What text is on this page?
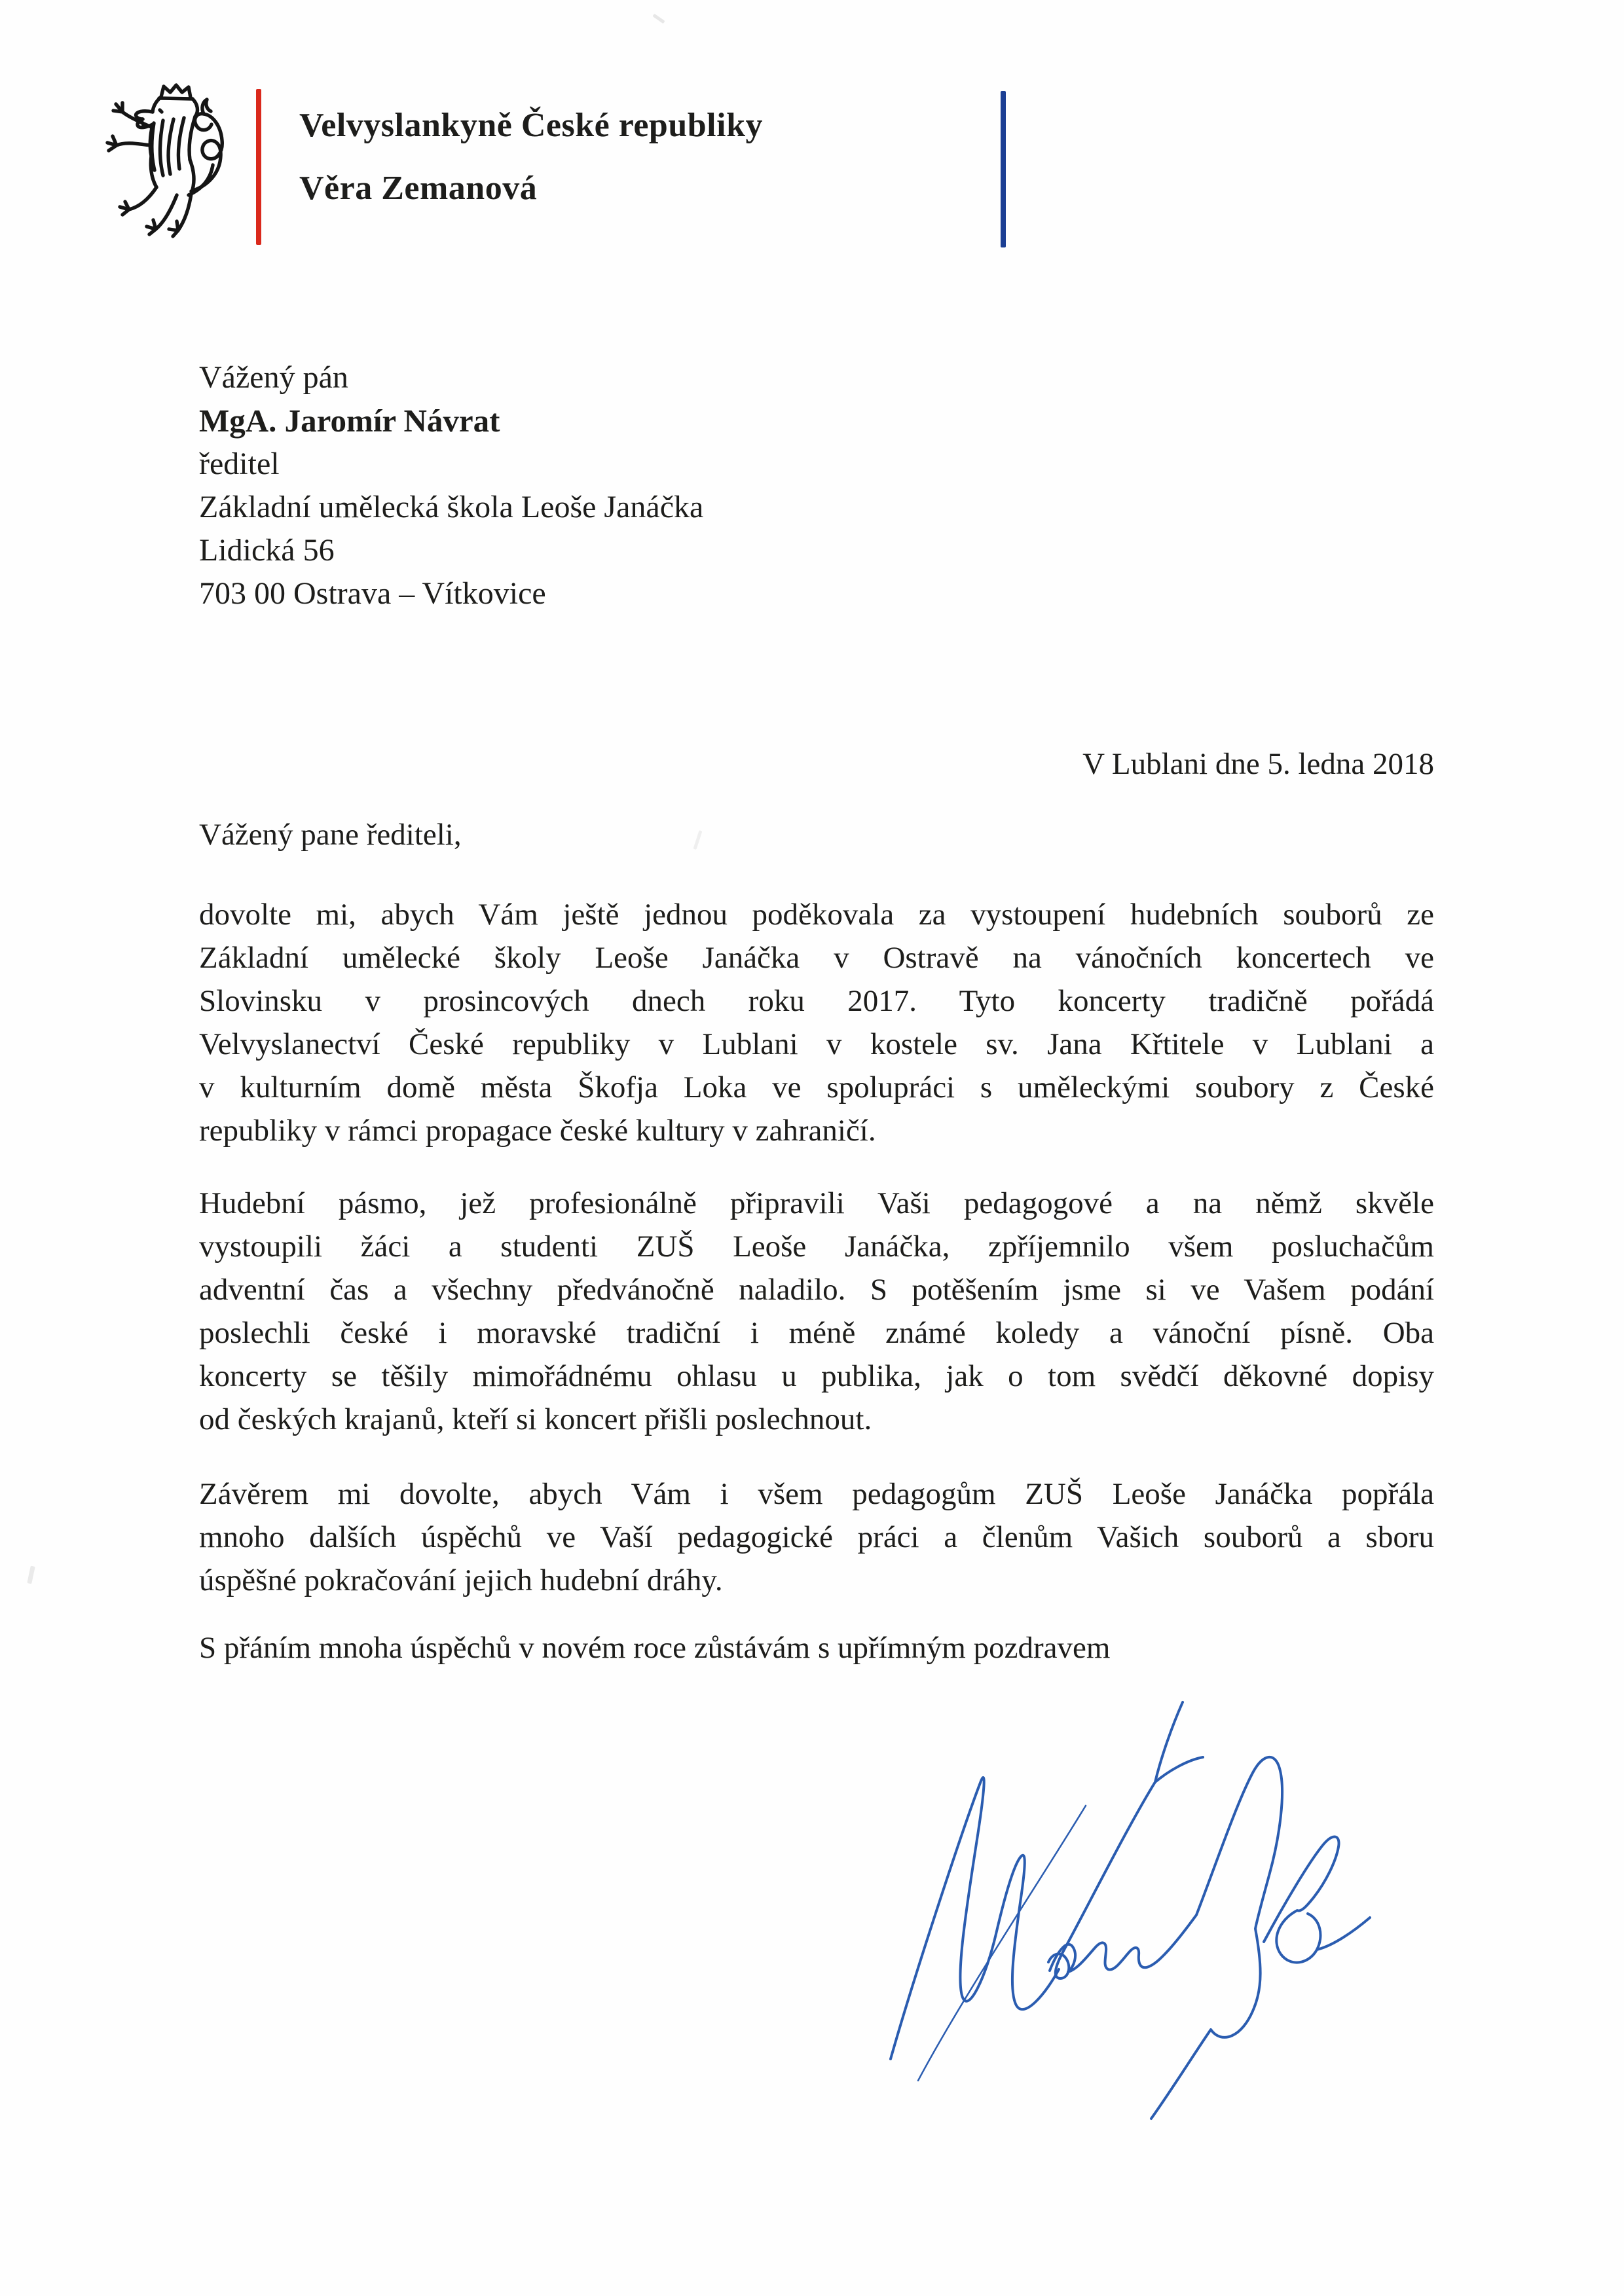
Velvyslankyně České republiky
Věra Zemanová
Vážený pán
MgA. Jaromír Návrat
ředitel
Základní umělecká škola Leoše Janáčka
Lidická 56
703 00 Ostrava – Vítkovice
V Lublani dne 5. ledna 2018
Vážený pane řediteli,
dovolte mi, abych Vám ještě jednou poděkovala za vystoupení hudebních souborů ze
Základní umělecké školy Leoše Janáčka v Ostravě na vánočních koncertech ve
Slovinsku v prosincových dnech roku 2017. Tyto koncerty tradičně pořádá
Velvyslanectví České republiky v Lublani v kostele sv. Jana Křtitele v Lublani a
v kulturním domě města Škofja Loka ve spolupráci s uměleckými soubory z České
republiky v rámci propagace české kultury v zahraničí.
Hudební pásmo, jež profesionálně připravili Vaši pedagogové a na němž skvěle
vystoupili žáci a studenti ZUŠ Leoše Janáčka, zpříjemnilo všem posluchačům
adventní čas a všechny předvánočně naladilo. S potěšením jsme si ve Vašem podání
poslechli české i moravské tradiční i méně známé koledy a vánoční písně. Oba
koncerty se těšily mimořádnému ohlasu u publika, jak o tom svědčí děkovné dopisy
od českých krajanů, kteří si koncert přišli poslechnout.
Závěrem mi dovolte, abych Vám i všem pedagogům ZUŠ Leoše Janáčka popřála
mnoho dalších úspěchů ve Vaší pedagogické práci a členům Vašich souborů a sboru
úspěšné pokračování jejich hudební dráhy.
S přáním mnoha úspěchů v novém roce zůstávám s upřímným pozdravem
